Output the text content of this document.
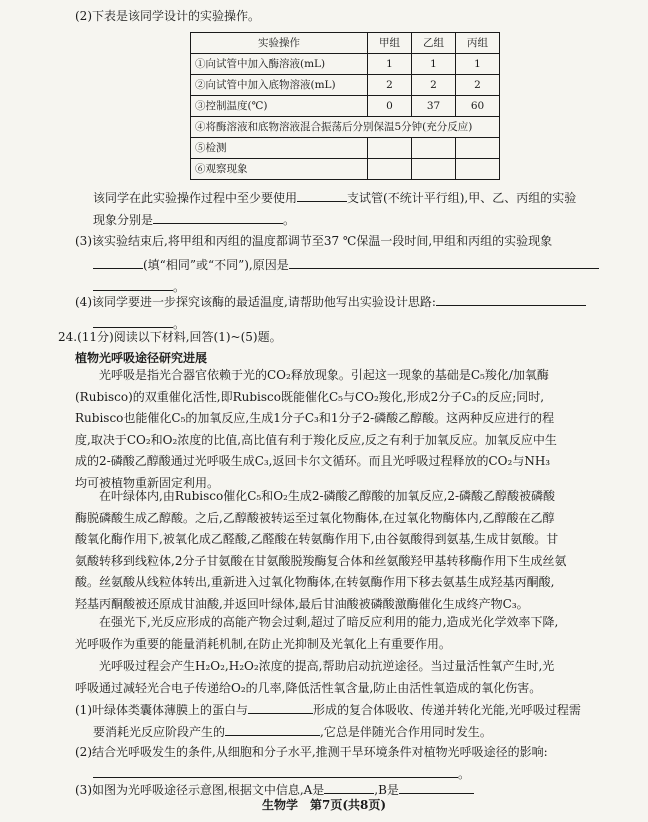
(2)下表是该同学设计的实验操作。
实验操作	甲组	乙组	丙组
①向试管中加入酶溶液(mL)	1	1	1
②向试管中加入底物溶液(mL)	2	2	2
③控制温度(℃)	0	37	60
④将酶溶液和底物溶液混合振荡后分别保温5分钟(充分反应)			
⑤检测			
⑥观察现象			
该同学在此实验操作过程中至少要使用	支试管(不统计平行组),甲、乙、丙组的实验
现象分别是	。
(3)该实验结束后,将甲组和丙组的温度都调节至37 ℃保温一段时间,甲组和丙组的实验现象
(填“相同”或“不同”),原因是
。
(4)该同学要进一步探究该酶的最适温度,请帮助他写出实验设计思路:
。
24.(11分)阅读以下材料,回答(1)~(5)题。
植物光呼吸途径研究进展
光呼吸是指光合器官依赖于光的CO₂释放现象。引起这一现象的基础是C₅羧化/加氧酶
(Rubisco)的双重催化活性,即Rubisco既能催化C₅与CO₂羧化,形成2分子C₃的反应;同时,
Rubisco也能催化C₅的加氧反应,生成1分子C₃和1分子2-磷酸乙醇酸。这两种反应进行的程
度,取决于CO₂和O₂浓度的比值,高比值有利于羧化反应,反之有利于加氧反应。加氧反应中生
成的2-磷酸乙醇酸通过光呼吸生成C₃,返回卡尔文循环。而且光呼吸过程释放的CO₂与NH₃
均可被植物重新固定利用。
在叶绿体内,由Rubisco催化C₅和O₂生成2-磷酸乙醇酸的加氧反应,2-磷酸乙醇酸被磷酸
酶脱磷酸生成乙醇酸。之后,乙醇酸被转运至过氧化物酶体,在过氧化物酶体内,乙醇酸在乙醇
酸氧化酶作用下,被氧化成乙醛酸,乙醛酸在转氨酶作用下,由谷氨酸得到氨基,生成甘氨酸。甘
氨酸转移到线粒体,2分子甘氨酸在甘氨酸脱羧酶复合体和丝氨酸羟甲基转移酶作用下生成丝氨
酸。丝氨酸从线粒体转出,重新进入过氧化物酶体,在转氨酶作用下移去氨基生成羟基丙酮酸,
羟基丙酮酸被还原成甘油酸,并返回叶绿体,最后甘油酸被磷酸激酶催化生成终产物C₃。
在强光下,光反应形成的高能产物会过剩,超过了暗反应利用的能力,造成光化学效率下降,
光呼吸作为重要的能量消耗机制,在防止光抑制及光氧化上有重要作用。
光呼吸过程会产生H₂O₂,H₂O₂浓度的提高,帮助启动抗逆途径。当过量活性氧产生时,光
呼吸通过减轻光合电子传递给O₂的几率,降低活性氧含量,防止由活性氧造成的氧化伤害。
(1)叶绿体类囊体薄膜上的蛋白与	形成的复合体吸收、传递并转化光能,光呼吸过程需
要消耗光反应阶段产生的	,它总是伴随光合作用同时发生。
(2)结合光呼吸发生的条件,从细胞和分子水平,推测干旱环境条件对植物光呼吸途径的影响:
。
(3)如图为光呼吸途径示意图,根据文中信息,A是	,B是
生物学　第7页(共8页)
